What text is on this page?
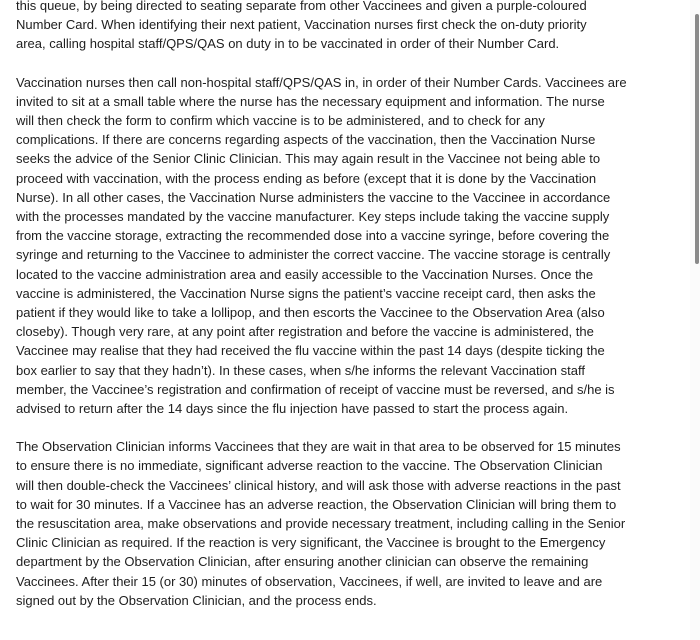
this queue, by being directed to seating separate from other Vaccinees and given a purple-coloured
Number Card. When identifying their next patient, Vaccination nurses first check the on-duty priority
area, calling hospital staff/QPS/QAS on duty in to be vaccinated in order of their Number Card.

Vaccination nurses then call non-hospital staff/QPS/QAS in, in order of their Number Cards. Vaccinees are
invited to sit at a small table where the nurse has the necessary equipment and information. The nurse
will then check the form to confirm which vaccine is to be administered, and to check for any
complications. If there are concerns regarding aspects of the vaccination, then the Vaccination Nurse
seeks the advice of the Senior Clinic Clinician. This may again result in the Vaccinee not being able to
proceed with vaccination, with the process ending as before (except that it is done by the Vaccination
Nurse). In all other cases, the Vaccination Nurse administers the vaccine to the Vaccinee in accordance
with the processes mandated by the vaccine manufacturer. Key steps include taking the vaccine supply
from the vaccine storage, extracting the recommended dose into a vaccine syringe, before covering the
syringe and returning to the Vaccinee to administer the correct vaccine. The vaccine storage is centrally
located to the vaccine administration area and easily accessible to the Vaccination Nurses. Once the
vaccine is administered, the Vaccination Nurse signs the patient’s vaccine receipt card, then asks the
patient if they would like to take a lollipop, and then escorts the Vaccinee to the Observation Area (also
closeby). Though very rare, at any point after registration and before the vaccine is administered, the
Vaccinee may realise that they had received the flu vaccine within the past 14 days (despite ticking the
box earlier to say that they hadn’t). In these cases, when s/he informs the relevant Vaccination staff
member, the Vaccinee’s registration and confirmation of receipt of vaccine must be reversed, and s/he is
advised to return after the 14 days since the flu injection have passed to start the process again.

The Observation Clinician informs Vaccinees that they are wait in that area to be observed for 15 minutes
to ensure there is no immediate, significant adverse reaction to the vaccine. The Observation Clinician
will then double-check the Vaccinees’ clinical history, and will ask those with adverse reactions in the past
to wait for 30 minutes. If a Vaccinee has an adverse reaction, the Observation Clinician will bring them to
the resuscitation area, make observations and provide necessary treatment, including calling in the Senior
Clinic Clinician as required. If the reaction is very significant, the Vaccinee is brought to the Emergency
department by the Observation Clinician, after ensuring another clinician can observe the remaining
Vaccinees. After their 15 (or 30) minutes of observation, Vaccinees, if well, are invited to leave and are
signed out by the Observation Clinician, and the process ends.
